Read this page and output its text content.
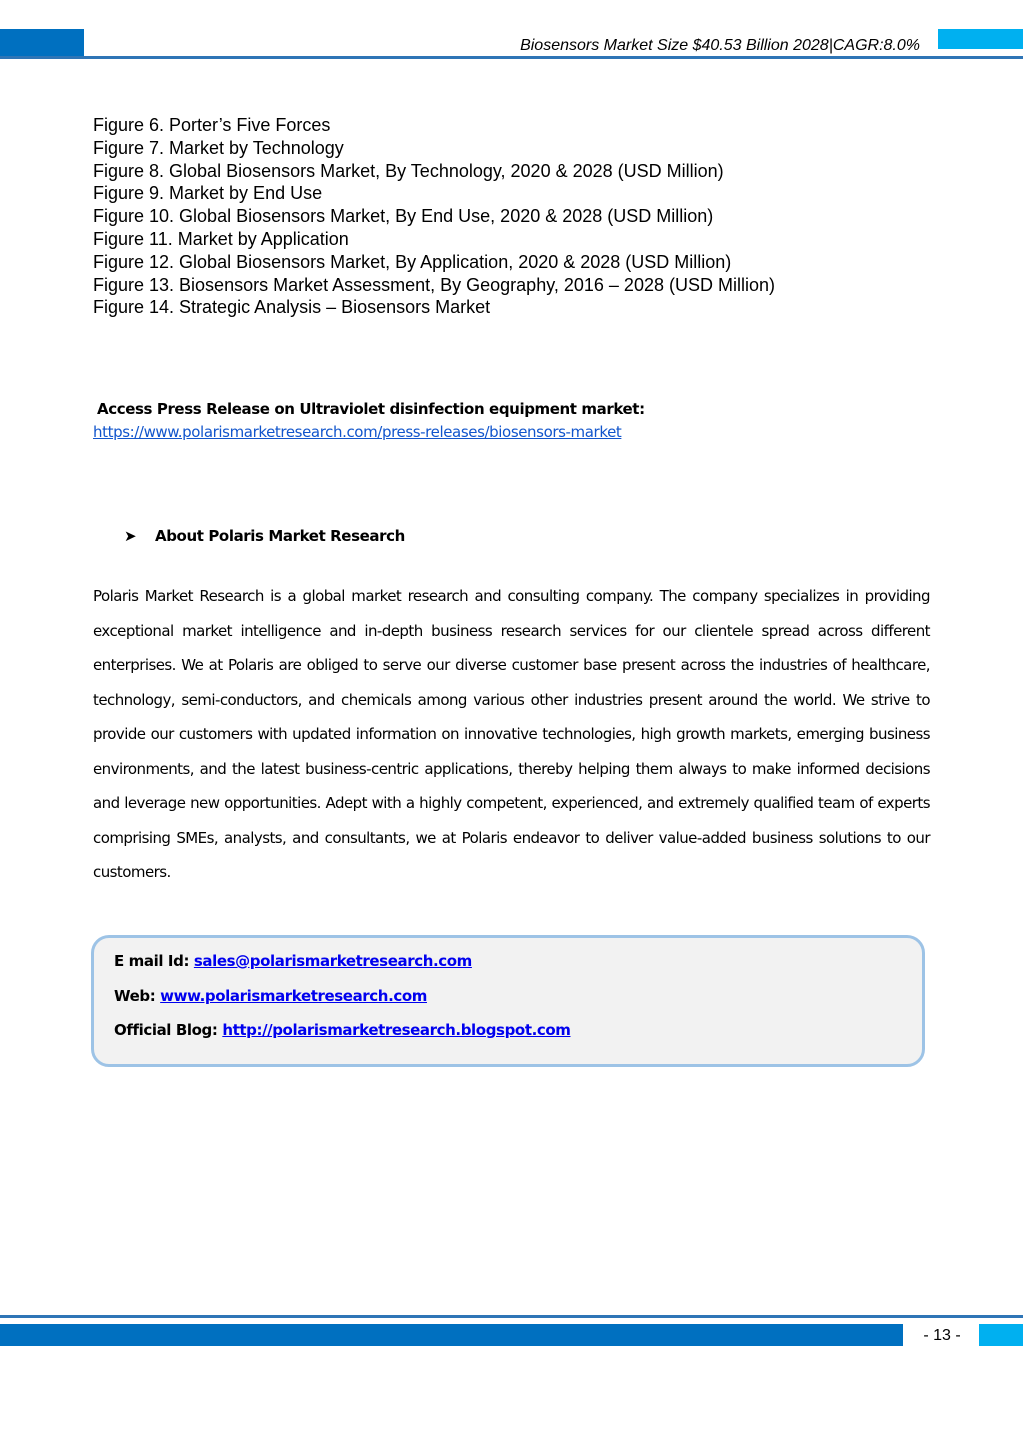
Biosensors Market Size $40.53 Billion 2028|CAGR:8.0%
Figure 6. Porter’s Five Forces
Figure 7. Market by Technology
Figure 8. Global Biosensors Market, By Technology, 2020 & 2028 (USD Million)
Figure 9. Market by End Use
Figure 10. Global Biosensors Market, By End Use, 2020 & 2028 (USD Million)
Figure 11. Market by Application
Figure 12. Global Biosensors Market, By Application, 2020 & 2028 (USD Million)
Figure 13. Biosensors Market Assessment, By Geography, 2016 – 2028 (USD Million)
Figure 14. Strategic Analysis – Biosensors Market
Access Press Release on Ultraviolet disinfection equipment market:
https://www.polarismarketresearch.com/press-releases/biosensors-market
➤ About Polaris Market Research
Polaris Market Research is a global market research and consulting company. The company specializes in providing exceptional market intelligence and in-depth business research services for our clientele spread across different enterprises. We at Polaris are obliged to serve our diverse customer base present across the industries of healthcare, technology, semi-conductors, and chemicals among various other industries present around the world. We strive to provide our customers with updated information on innovative technologies, high growth markets, emerging business environments, and the latest business-centric applications, thereby helping them always to make informed decisions and leverage new opportunities. Adept with a highly competent, experienced, and extremely qualified team of experts comprising SMEs, analysts, and consultants, we at Polaris endeavor to deliver value-added business solutions to our customers.
E mail Id: sales@polarismarketresearch.com
Web: www.polarismarketresearch.com
Official Blog: http://polarismarketresearch.blogspot.com
- 13 -
